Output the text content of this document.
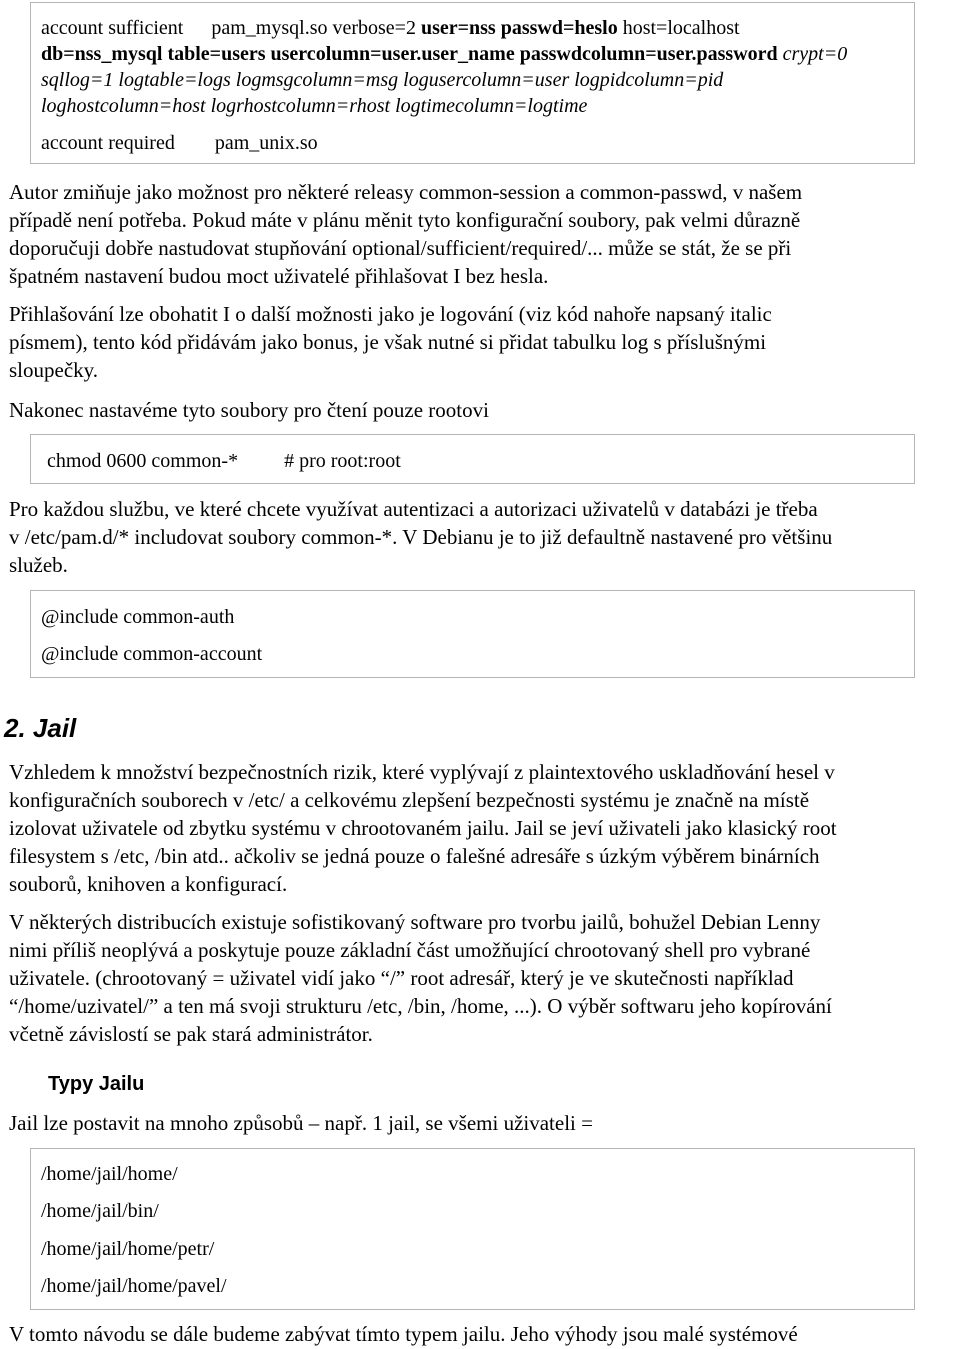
account sufficient pam_mysql.so verbose=2 user=nss passwd=heslo host=localhost
db=nss_mysql table=users usercolumn=user.user_name passwdcolumn=user.password crypt=0
sqllog=1 logtable=logs logmsgcolumn=msg logusercolumn=user logpidcolumn=pid
loghostcolumn=host logrhostcolumn=rhost logtimecolumn=logtime
account required pam_unix.so
Autor zmiňuje jako možnost pro některé releasy common-session a common-passwd, v našem
případě není potřeba. Pokud máte v plánu měnit tyto konfigurační soubory, pak velmi důrazně
doporučuji dobře nastudovat stupňování optional/sufficient/required/... může se stát, že se při
špatném nastavení budou moct uživatelé přihlašovat I bez hesla.
Přihlašování lze obohatit I o další možnosti jako je logování (viz kód nahoře napsaný italic
písmem), tento kód přidávám jako bonus, je však nutné si přidat tabulku log s příslušnými
sloupečky.
Nakonec nastavéme tyto soubory pro čtení pouze rootovi
chmod 0600 common-* # pro root:root
Pro každou službu, ve které chcete využívat autentizaci a autorizaci uživatelů v databázi je třeba
v /etc/pam.d/* includovat soubory common-*. V Debianu je to již defaultně nastavené pro většinu
služeb.
@include common-auth
@include common-account
2. Jail
Vzhledem k množství bezpečnostních rizik, které vyplývají z plaintextového uskladňování hesel v
konfiguračních souborech v /etc/ a celkovému zlepšení bezpečnosti systému je značně na místě
izolovat uživatele od zbytku systému v chrootovaném jailu. Jail se jeví uživateli jako klasický root
filesystem s /etc, /bin atd.. ačkoliv se jedná pouze o falešné adresáře s úzkým výběrem binárních
souborů, knihoven a konfigurací.
V některých distribucích existuje sofistikovaný software pro tvorbu jailů, bohužel Debian Lenny
nimi příliš neoplývá a poskytuje pouze základní část umožňující chrootovaný shell pro vybrané
uživatele. (chrootovaný = uživatel vidí jako “/” root adresář, který je ve skutečnosti například
“/home/uzivatel/” a ten má svoji strukturu /etc, /bin, /home, ...). O výběr softwaru jeho kopírování
včetně závislostí se pak stará administrátor.
Typy Jailu
Jail lze postavit na mnoho způsobů – např. 1 jail, se všemi uživateli =
/home/jail/home/
/home/jail/bin/
/home/jail/home/petr/
/home/jail/home/pavel/
V tomto návodu se dále budeme zabývat tímto typem jailu. Jeho výhody jsou malé systémové
